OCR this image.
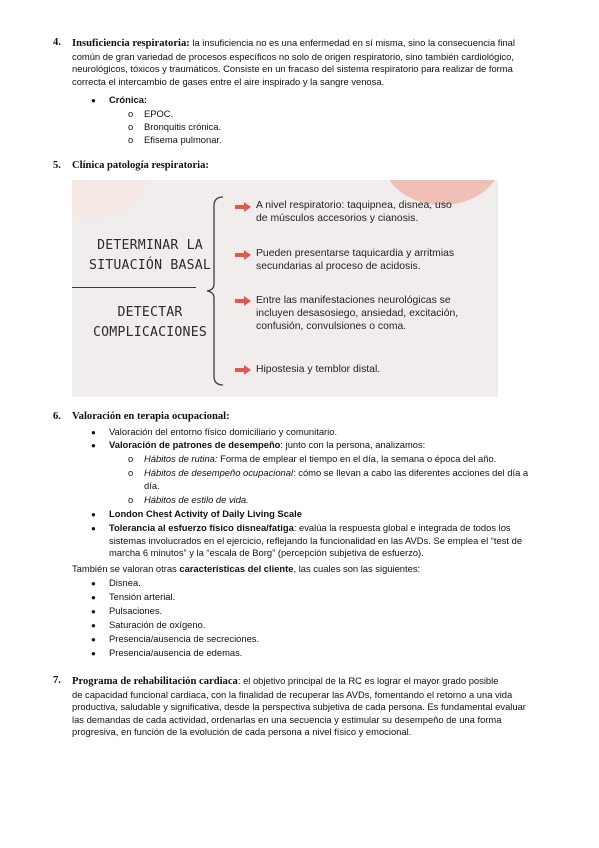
4. Insuficiencia respiratoria: la insuficiencia no es una enfermedad en sí misma, sino la consecuencia final
común de gran variedad de procesos específicos no solo de origen respiratorio, sino también cardiológico,
neurológicos, tóxicos y traumáticos. Consiste en un fracaso del sistema respiratorio para realizar de forma
correcta el intercambio de gases entre el aire inspirado y la sangre venosa.
● Crónica:
o EPOC.
o Bronquitis crónica.
o Efisema pulmonar.
5. Clínica patología respiratoria:
DETERMINAR LA
SITUACIÓN BASAL
DETECTAR
COMPLICACIONES
A nivel respiratorio: taquipnea, disnea, uso
de músculos accesorios y cianosis.
Pueden presentarse taquicardia y arritmias
secundarias al proceso de acidosis.
Entre las manifestaciones neurológicas se
incluyen desasosiego, ansiedad, excitación,
confusión, convulsiones o coma.
Hipostesia y temblor distal.
6. Valoración en terapia ocupacional:
● Valoración del entorno físico domiciliario y comunitario.
● Valoración de patrones de desempeño: junto con la persona, analizamos:
o Hábitos de rutina: Forma de emplear el tiempo en el día, la semana o época del año.
o Hábitos de desempeño ocupacional: cómo se llevan a cabo las diferentes acciones del día a
día.
o Hábitos de estilo de vida.
● London Chest Activity of Daily Living Scale
● Tolerancia al esfuerzo físico disnea/fatiga: evalúa la respuesta global e integrada de todos los
sistemas involucrados en el ejercicio, reflejando la funcionalidad en las AVDs. Se emplea el “test de
marcha 6 minutos” y la “escala de Borg” (percepción subjetiva de esfuerzo).
También se valoran otras características del cliente, las cuales son las siguientes:
● Disnea.
● Tensión arterial.
● Pulsaciones.
● Saturación de oxígeno.
● Presencia/ausencia de secreciones.
● Presencia/ausencia de edemas.
7. Programa de rehabilitación cardiaca: el objetivo principal de la RC es lograr el mayor grado posible
de capacidad funcional cardiaca, con la finalidad de recuperar las AVDs, fomentando el retorno a una vida
productiva, saludable y significativa, desde la perspectiva subjetiva de cada persona. Es fundamental evaluar
las demandas de cada actividad, ordenarlas en una secuencia y estimular su desempeño de una forma
progresiva, en función de la evolución de cada persona a nivel físico y emocional.
